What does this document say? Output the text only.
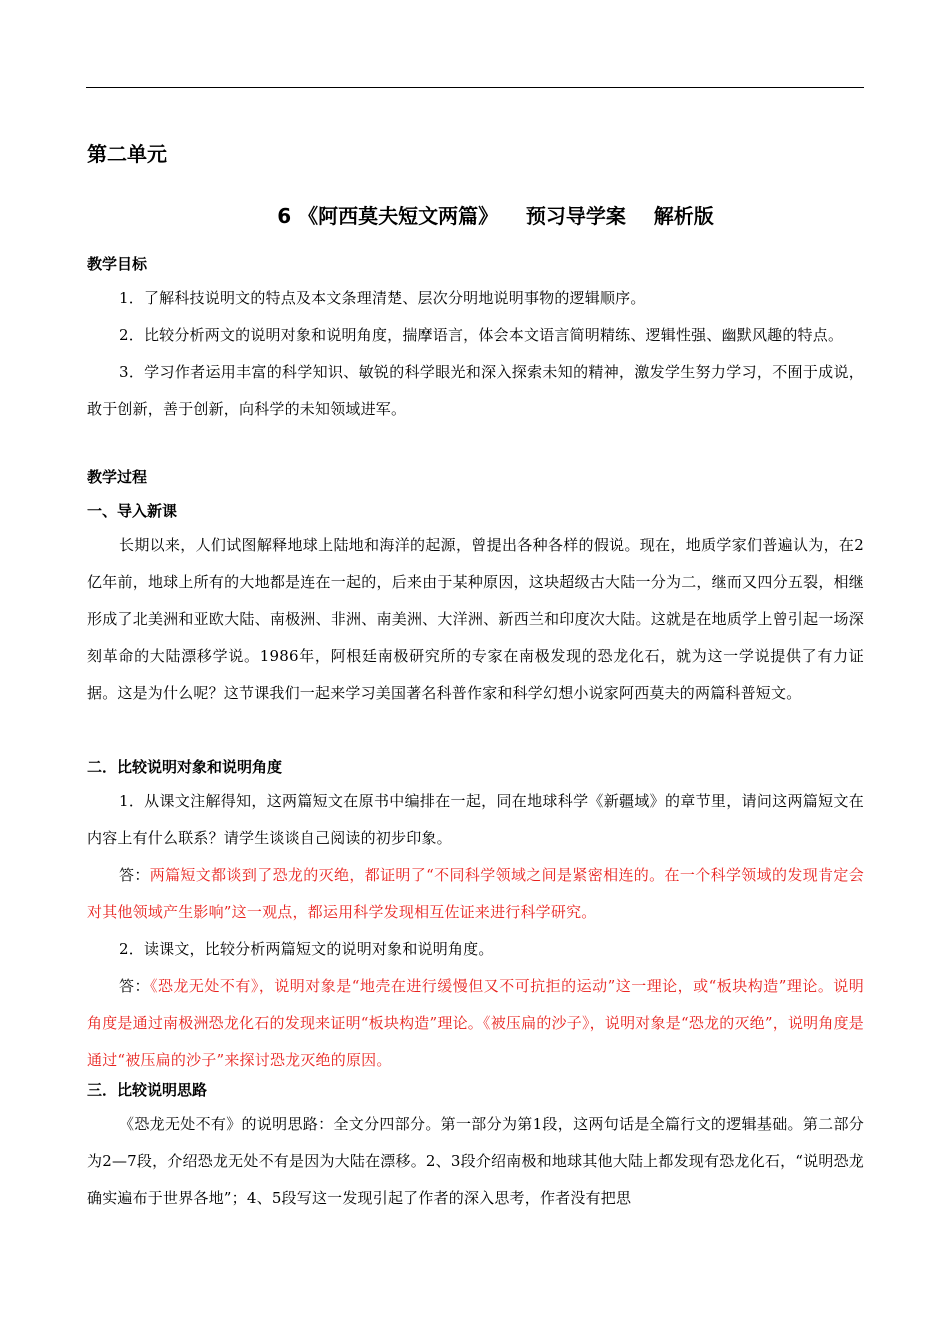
第二单元
6 《阿西莫夫短文两篇》    预习导学案    解析版
教学目标
1．了解科技说明文的特点及本文条理清楚、层次分明地说明事物的逻辑顺序。
2．比较分析两文的说明对象和说明角度，揣摩语言，体会本文语言简明精练、逻辑性强、幽默风趣的特点。
3．学习作者运用丰富的科学知识、敏锐的科学眼光和深入探索未知的精神，激发学生努力学习，不囿于成说，敢于创新，善于创新，向科学的未知领域进军。
教学过程
一、导入新课
长期以来，人们试图解释地球上陆地和海洋的起源，曾提出各种各样的假说。现在，地质学家们普遍认为，在2亿年前，地球上所有的大地都是连在一起的，后来由于某种原因，这块超级古大陆一分为二，继而又四分五裂，相继形成了北美洲和亚欧大陆、南极洲、非洲、南美洲、大洋洲、新西兰和印度次大陆。这就是在地质学上曾引起一场深刻革命的大陆漂移学说。1986年，阿根廷南极研究所的专家在南极发现的恐龙化石，就为这一学说提供了有力证据。这是为什么呢？这节课我们一起来学习美国著名科普作家和科学幻想小说家阿西莫夫的两篇科普短文。
二．比较说明对象和说明角度
1．从课文注解得知，这两篇短文在原书中编排在一起，同在地球科学《新疆域》的章节里，请问这两篇短文在内容上有什么联系？请学生谈谈自己阅读的初步印象。
答：两篇短文都谈到了恐龙的灭绝，都证明了“不同科学领域之间是紧密相连的。在一个科学领域的发现肯定会对其他领域产生影响”这一观点，都运用科学发现相互佐证来进行科学研究。
2．读课文，比较分析两篇短文的说明对象和说明角度。
答：《恐龙无处不有》，说明对象是“地壳在进行缓慢但又不可抗拒的运动”这一理论，或“板块构造”理论。说明角度是通过南极洲恐龙化石的发现来证明“板块构造”理论。《被压扁的沙子》，说明对象是“恐龙的灭绝”，说明角度是通过“被压扁的沙子”来探讨恐龙灭绝的原因。
三．比较说明思路
《恐龙无处不有》的说明思路：全文分四部分。第一部分为第1段，这两句话是全篇行文的逻辑基础。第二部分为2—7段，介绍恐龙无处不有是因为大陆在漂移。2、3段介绍南极和地球其他大陆上都发现有恐龙化石，“说明恐龙确实遍布于世界各地”；4、5段写这一发现引起了作者的深入思考，作者没有把思
